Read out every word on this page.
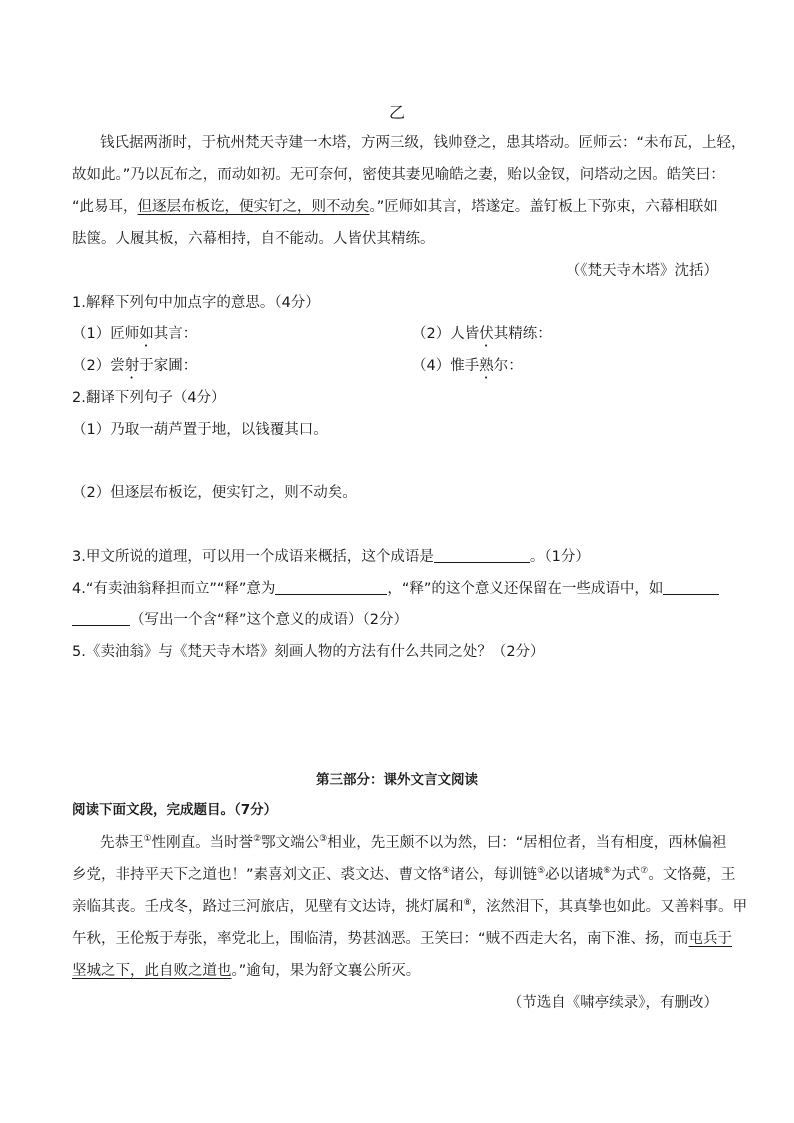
乙
钱氏据两浙时，于杭州梵天寺建一木塔，方两三级，钱帅登之，患其塔动。匠师云：“未布瓦，上轻，
故如此。”乃以瓦布之，而动如初。无可奈何，密使其妻见喻皓之妻，贻以金钗，问塔动之因。皓笑曰：
“此易耳，但逐层布板讫，便实钉之，则不动矣。”匠师如其言，塔遂定。盖钉板上下弥束，六幕相联如
胠箧。人履其板，六幕相持，自不能动。人皆伏其精练。
（《梵天寺木塔》沈括）
1.解释下列句中加点字的意思。（4分）
（1）匠师如其言：	（2）人皆伏其精练：
（2）尝射于家圃：	（4）惟手熟尔：
2.翻译下列句子（4分）
（1）乃取一葫芦置于地，以钱覆其口。
（2）但逐层布板讫，便实钉之，则不动矣。
3.甲文所说的道理，可以用一个成语来概括，这个成语是	。（1分）
4.“有卖油翁释担而立”“释”意为	，“释”的这个意义还保留在一些成语中，如
（写出一个含“释”这个意义的成语）（2分）
5.《卖油翁》与《梵天寺木塔》刻画人物的方法有什么共同之处？（2分）
第三部分：课外文言文阅读
阅读下面文段，完成题目。（7分）
先恭王①性刚直。当时誉②鄂文端公③相业，先王颇不以为然，曰：“居相位者，当有相度，西林偏袒
乡党，非持平天下之道也！”素喜刘文正、裘文达、曹文恪④诸公，每训链⑤必以诸城⑥为式⑦。文恪薨，王
亲临其丧。壬戌冬，路过三河旅店，见壁有文达诗，挑灯属和⑧，泫然泪下，其真挚也如此。又善料事。甲
午秋，王伦叛于寿张，率党北上，围临清，势甚汹恶。王笑曰：“贼不西走大名，南下淮、扬，而屯兵于
坚城之下，此自败之道也。”逾旬，果为舒文襄公所灭。
（节选自《啸亭续录》，有删改）
